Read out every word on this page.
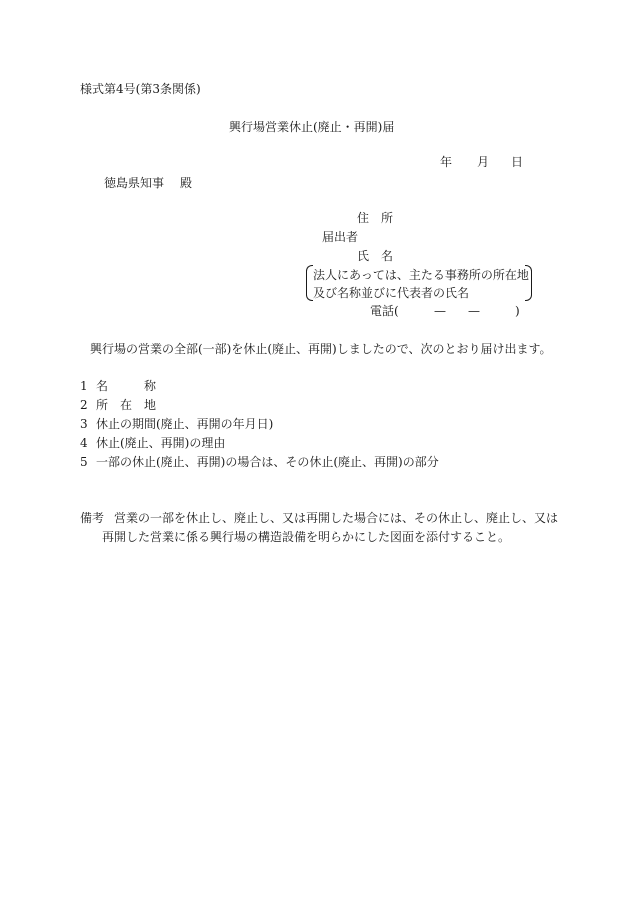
様式第4号(第3条関係)
興行場営業休止(廃止・再開)届
年 月 日
徳島県知事 殿
住　所
届出者
氏　名
法人にあっては、主たる事務所の所在地
及び名称並びに代表者の氏名
電話(	— —	)
興行場の営業の全部(一部)を休止(廃止、再開)しましたので、次のとおり届け出ます。
1 名　　　称
2 所　在　地
3 休止の期間(廃止、再開の年月日)
4 休止(廃止、再開)の理由
5 一部の休止(廃止、再開)の場合は、その休止(廃止、再開)の部分
備考 営業の一部を休止し、廃止し、又は再開した場合には、その休止し、廃止し、又は
再開した営業に係る興行場の構造設備を明らかにした図面を添付すること。
